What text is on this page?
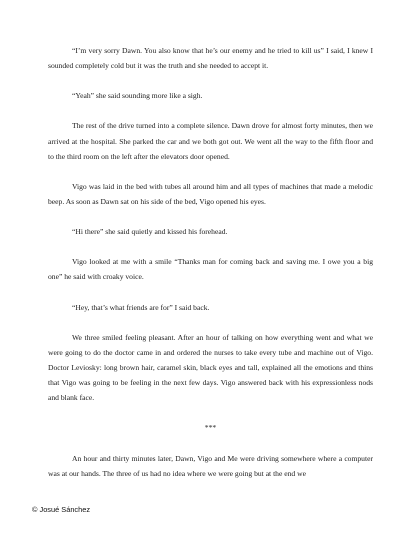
“I’m very sorry Dawn. You also know that he’s our enemy and he tried to kill us” I said, I knew I sounded completely cold but it was the truth and she needed to accept it.

“Yeah” she said sounding more like a sigh.

The rest of the drive turned into a complete silence. Dawn drove for almost forty minutes, then we arrived at the hospital. She parked the car and we both got out. We went all the way to the fifth floor and to the third room on the left after the elevators door opened.

Vigo was laid in the bed with tubes all around him and all types of machines that made a melodic beep. As soon as Dawn sat on his side of the bed, Vigo opened his eyes.

“Hi there” she said quietly and kissed his forehead.

Vigo looked at me with a smile “Thanks man for coming back and saving me. I owe you a big one” he said with croaky voice.

“Hey, that’s what friends are for” I said back.

We three smiled feeling pleasant. After an hour of talking on how everything went and what we were going to do the doctor came in and ordered the nurses to take every tube and machine out of Vigo. Doctor Leviosky: long brown hair, caramel skin, black eyes and tall, explained all the emotions and thins that Vigo was going to be feeling in the next few days. Vigo answered back with his expressionless nods and blank face.

***

An hour and thirty minutes later, Dawn, Vigo and Me were driving somewhere where a computer was at our hands. The three of us had no idea where we were going but at the end we

© Josué Sánchez
